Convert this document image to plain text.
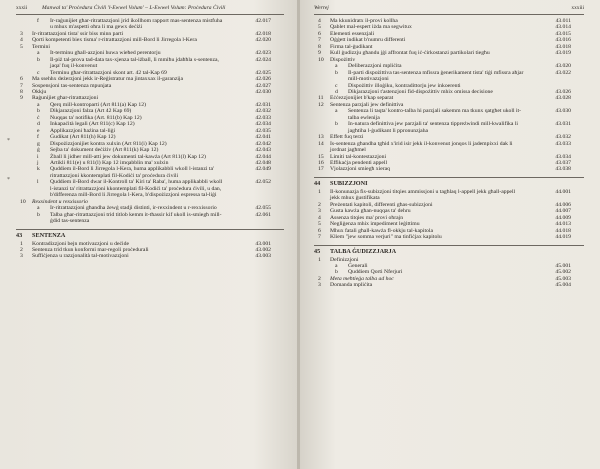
xxxii	Manwal ta' Proċedura Ċivili 'l-Ewwel Volum' – L-Ewwel Volum: Proċedura Ċivili
f Ir-raġunijiet għar-ritrattazzjoni jrid ikollhom rapport mas-sentenza mistfuha u mhux m'aspetti oħra li ma gewx deċiżi
42.017
3 Ir-ritrattazzjoni tista' ssir biss minn parti	42.018
4 Qorti kompetenti biex tisma' r-ritrattazzjoni mill-Bord li Jirregola l-Kera	42.020
5 Termini
a It-terminu għall-azzjoni huwa wieħed perentorju	42.023
b Il-piż tal-prova tad-data tax-xjenza tal-iżball, li mmiħu jdaħħla s-sentenza, jaqa' fuq il-konvenut
42.024
c Terminu għar-ritrattazzjoni skont art. 42 tal-Kap 69	42.025
6 Ma ssehhx deżerzjoni jekk ir-Reġistratur ma jintaxxax il-garanzija	42.026
7 Sospensjoni tas-sentenza mpunjata	42.027
8 Okkju	42.030
9 Raġunijiet għar-ritrattazzjoni
a Qerq mill-kontroparti (Art 811(a) Kap 12)	42.031
b Dikjarazzjoni falza (Art 42 Kap 69)	42.032
ċ Nuqqas ta' notifika (Art. 811(b) Kap 12)	42.033
d Inkapaċità legali (Art 811(c) Kap 12)	42.034
e Applikazzjoni ħażina tal-liġi	42.035
f Ġudikat (Art 811(h) Kap 12)	42.041
g Dispożizzjonijiet kontra xulxin (Art 811(i) Kap 12)	42.042
ġ Sejba ta' dokument deċiżiv (Art 811(k) Kap 12)	42.043
i Żball li jidher mill-atti jew dokumenti tal-kawża (Art 811(l) Kap 12)	42.044
j Artikli 811(e) u 811(l) Kap 12 imqabblin ma' xulxin	42.048
k Quddiem il-Bord li Jirregola l-Kera, huma applikabbli wkoll l-istanzi ta' ritrattazzjoni kkontemplati fil-Kodiċi ta' proċedura ċivili
42.049
l Quddiem il-Bord dwar il-Kontroll ta' Kiri ta' Raba', huma applikabbli wkoll l-istanzi ta' ritrattazzjoni kkontemplati fil-Kodiċi ta' proċedura ċivili, u dan, b'differenza mill-Bord li Jirregola l-Kera, b'dispożizzjoni espressa tal-liġi
42.052
10 Rexxindent u rexxissorio
a Ir-ritrattazzjoni għandha żewġ stadji distinti, ir-rexxindent u r-rexxissorio	42.055
b Talba għar-ritrattazzjoni trid titlob kemm it-tħassir kif ukoll is-smiegħ mill-ġdid tas-sentenza
42.061
43	SENTENZA
1 Kontradizzjoni bejn motivazzjoni u deċide	43.001
2 Sentenza trid tkun konformi mar-regoli proċedurali	43.002
3 Suffiċjenza u razzjonalità tal-motivazzjoni	43.003
*
*
Werrej	xxxiii
4 Ma kkunidratx il-provi kollha	43.011
5 Qablet mal-espert iżda ma segwitux	43.014
6 Elementi essenzjali	43.015
7 Oġġett indikat b'numru differenti	43.016
8 Firma tal-ġudikant	43.018
9 Kull ġudizzju għandu jġi affrontat fuq iċ-ċirkostanzi partikolari tiegħu	43.019
10 Dispożittiv
a Deliberazzjoni mpliċita	43.020
b Il-parti dispożittiva tas-sentenza mfissra ġenerikament tista' tiġi mfissra aħjar mill-motivazzjoni
43.022
c Dispożittiv illoġiku, kontradittorju jew inkoerenti
d Dikjarazzjoni t'astenzjoni fid-dispożittiv mhix omissa decisione	43.026
11 Eċċezzjonijiet b'kap separat	43.028
12 Sentenza parzjali jew definittiva
a Sentenza li taqta' kontro-talba hi parzjali sakemm ma tkunx qatgħet ukoll it-talba ewlenija
43.030
b In-natura definittiva jew parzjali ta' sentenza tippreżwindi mill-kwalifika li jagħtiha l-ġudikant li ppronunzjaha
43.031
13 Effett fuq terzi	43.032
14 Is-sentenza għandha tgħid x'irid isir jekk il-konvenut jonqos li jadempixxi dak li jordnat jagħmel
43.033
15 Limiti tal-kontestazzjoni	43.034
16 Effikaċja pendenti appell	43.037
17 Vjolazzjoni smiegħ xieraq	43.038
44	SUBIZZJONI
1 Il-konunazja fis-subizzjoni titqies ammissjoni u tagħlaq l-appell jekk għall-appell jekk mhux ġustifikata
44.001
2 Preżentati kapitoli, differenti għas-subizzjoni	44.006
3 Gusta kawża għan-nuqqas ta' dehru	44.007
4 Assenza titqies ma' provi oħrajn	44.009
5 Negliġenza mhix impediment leġittimu	44.013
6 Mhux fatali għall-kawża fl-okkju tal-kapitola	44.018
7 Kliem "jew somma verjuri" ma tinfiċjax kapitolu	44.019
45	TALBA ĠUDIZZJARJA
1 Definizzjoni
a Ġenerali	45.001
b Quddiem Qorti Nferjuri	45.002
2 Meta meħtieġa talba ad hoc	45.003
3 Domanda mpliċita	45.004
